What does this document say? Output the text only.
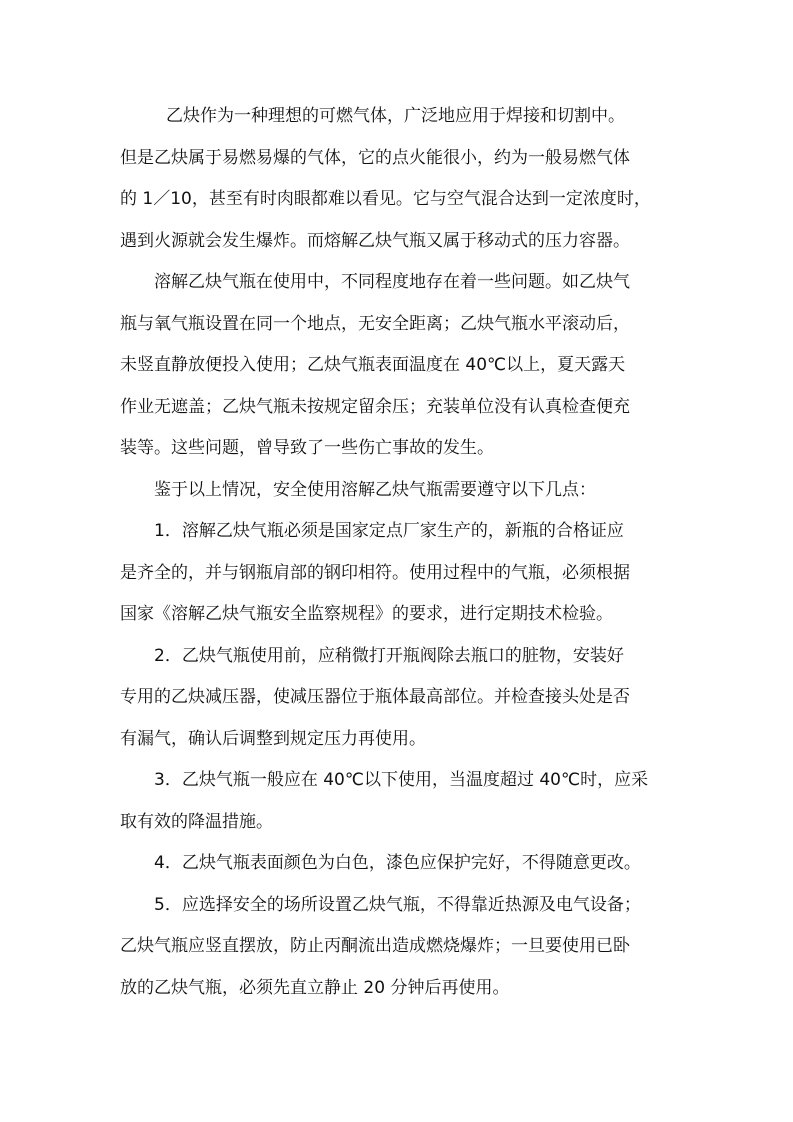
乙炔作为一种理想的可燃气体，广泛地应用于焊接和切割中。
但是乙炔属于易燃易爆的气体，它的点火能很小，约为一般易燃气体
的 1／10，甚至有时肉眼都难以看见。它与空气混合达到一定浓度时，
遇到火源就会发生爆炸。而熔解乙炔气瓶又属于移动式的压力容器。
溶解乙炔气瓶在使用中，不同程度地存在着一些问题。如乙炔气
瓶与氧气瓶设置在同一个地点，无安全距离；乙炔气瓶水平滚动后，
未竖直静放便投入使用；乙炔气瓶表面温度在 40℃以上，夏天露天
作业无遮盖；乙炔气瓶未按规定留余压；充装单位没有认真检查便充
装等。这些问题，曾导致了一些伤亡事故的发生。
鉴于以上情况，安全使用溶解乙炔气瓶需要遵守以下几点：
1．溶解乙炔气瓶必须是国家定点厂家生产的，新瓶的合格证应
是齐全的，并与钢瓶肩部的钢印相符。使用过程中的气瓶，必须根据
国家《溶解乙炔气瓶安全监察规程》的要求，进行定期技术检验。
2．乙炔气瓶使用前，应稍微打开瓶阀除去瓶口的脏物，安装好
专用的乙炔减压器，使减压器位于瓶体最高部位。并检查接头处是否
有漏气，确认后调整到规定压力再使用。
3．乙炔气瓶一般应在 40℃以下使用，当温度超过 40℃时，应采
取有效的降温措施。
4．乙炔气瓶表面颜色为白色，漆色应保护完好，不得随意更改。
5．应选择安全的场所设置乙炔气瓶，不得靠近热源及电气设备；
乙炔气瓶应竖直摆放，防止丙酮流出造成燃烧爆炸；一旦要使用已卧
放的乙炔气瓶，必须先直立静止 20 分钟后再使用。
